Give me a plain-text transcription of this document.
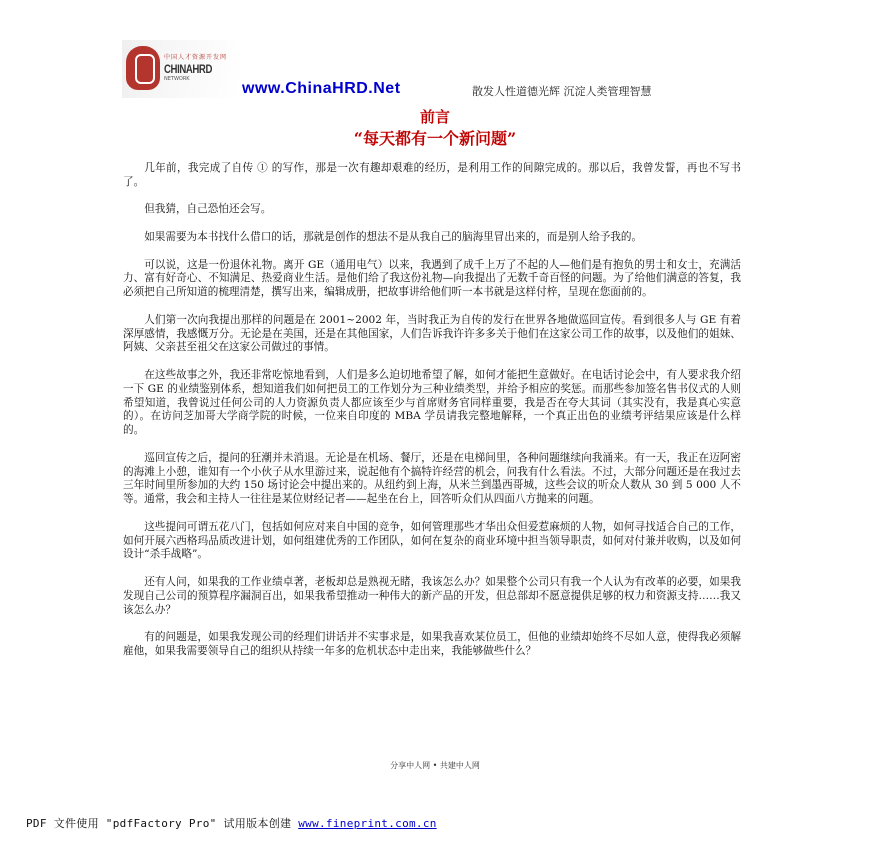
中国人才资源开发网
CHINAHRD
NETWORK
www.ChinaHRD.Net	散发人性道德光辉 沉淀人类管理智慧
前言
“每天都有一个新问题”

几年前，我完成了自传 ① 的写作，那是一次有趣却艰难的经历，是利用工作的间隙完成的。那以后，我曾发誓，再也不写书了。

但我猜，自己恐怕还会写。

如果需要为本书找什么借口的话，那就是创作的想法不是从我自己的脑海里冒出来的，而是别人给予我的。

可以说，这是一份退休礼物。离开 GE（通用电气）以来，我遇到了成千上万了不起的人—他们是有抱负的男士和女士，充满活力、富有好奇心、不知满足、热爱商业生活。是他们给了我这份礼物—向我提出了无数千奇百怪的问题。为了给他们满意的答复，我必须把自己所知道的梳理清楚，撰写出来，编辑成册，把故事讲给他们听一本书就是这样付梓，呈现在您面前的。

人们第一次向我提出那样的问题是在 2001~2002 年，当时我正为自传的发行在世界各地做巡回宣传。看到很多人与 GE 有着深厚感情，我感慨万分。无论是在美国，还是在其他国家，人们告诉我许许多多关于他们在这家公司工作的故事，以及他们的姐妹、阿姨、父亲甚至祖父在这家公司做过的事情。

在这些故事之外，我还非常吃惊地看到，人们是多么迫切地希望了解，如何才能把生意做好。在电话讨论会中，有人要求我介绍一下 GE 的业绩鉴别体系，想知道我们如何把员工的工作划分为三种业绩类型，并给予相应的奖惩。而那些参加签名售书仪式的人则希望知道，我曾说过任何公司的人力资源负责人都应该至少与首席财务官同样重要，我是否在夸大其词（其实没有，我是真心实意的）。在访问芝加哥大学商学院的时候，一位来自印度的 MBA 学员请我完整地解释，一个真正出色的业绩考评结果应该是什么样的。

巡回宣传之后，提问的狂潮并未消退。无论是在机场、餐厅，还是在电梯间里，各种问题继续向我涌来。有一天，我正在迈阿密的海滩上小憩，谁知有一个小伙子从水里游过来，说起他有个搞特许经营的机会，问我有什么看法。不过，大部分问题还是在我过去三年时间里所参加的大约 150 场讨论会中提出来的。从纽约到上海，从米兰到墨西哥城，这些会议的听众人数从 30 到 5 000 人不等。通常，我会和主持人一往往是某位财经记者——起坐在台上，回答听众们从四面八方抛来的问题。

这些提问可谓五花八门，包括如何应对来自中国的竞争，如何管理那些才华出众但爱惹麻烦的人物，如何寻找适合自己的工作，如何开展六西格玛品质改进计划，如何组建优秀的工作团队，如何在复杂的商业环境中担当领导职责，如何对付兼并收购，以及如何设计“杀手战略”。

还有人问，如果我的工作业绩卓著，老板却总是熟视无睹，我该怎么办？如果整个公司只有我一个人认为有改革的必要，如果我发现自己公司的预算程序漏洞百出，如果我希望推动一种伟大的新产品的开发，但总部却不愿意提供足够的权力和资源支持……我又该怎么办？

有的问题是，如果我发现公司的经理们讲话并不实事求是，如果我喜欢某位员工，但他的业绩却始终不尽如人意，使得我必须解雇他，如果我需要领导自己的组织从持续一年多的危机状态中走出来，我能够做些什么？

分享中人网 • 共建中人网
PDF 文件使用 "pdfFactory Pro" 试用版本创建 www.fineprint.com.cn
